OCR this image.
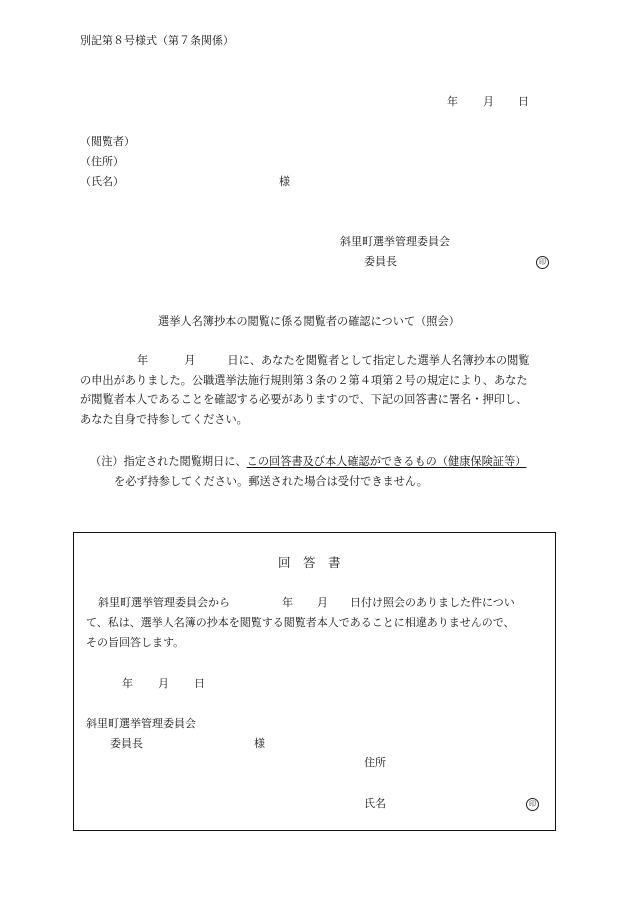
別記第８号様式（第７条関係）
年 月 日
（閲覧者）
（住所）
（氏名）	様
斜里町選挙管理委員会
委員長	印
選挙人名簿抄本の閲覧に係る閲覧者の確認について（照会）
年	月	日に、あなたを閲覧者として指定した選挙人名簿抄本の閲覧
の申出がありました。公職選挙法施行規則第３条の２第４項第２号の規定により、あなた
が閲覧者本人であることを確認する必要がありますので、下記の回答書に署名・押印し、
あなた自身で持参してください。
（注）指定された閲覧期日に、この回答書及び本人確認ができるもの（健康保険証等）
を必ず持参してください。郵送された場合は受付できません。
回　答　書
斜里町選挙管理委員会から	年 月 日付け照会のありました件につい
て、私は、選挙人名簿の抄本を閲覧する閲覧者本人であることに相違ありませんので、
その旨回答します。
年 月 日
斜里町選挙管理委員会
委員長	様
住所
氏名	印
